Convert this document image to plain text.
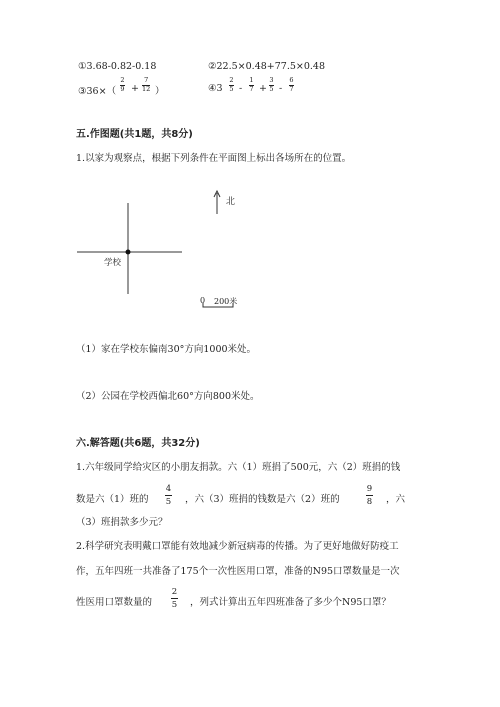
①3.68-0.82-0.18	②22.5×0.48+77.5×0.48
③36×（
2
9 +
7
12 ）	④3
2
5 -
1
7 +
3
5 -
6
7
五.作图题(共1题，共8分)
1.以家为观察点，根据下列条件在平面图上标出各场所在的位置。
北
学校
0 200米
（1）家在学校东偏南30°方向1000米处。
（2）公园在学校西偏北60°方向800米处。
六.解答题(共6题，共32分)
1.六年级同学给灾区的小朋友捐款。六（1）班捐了500元，六（2）班捐的钱
数是六（1）班的
4
5 ，六（3）班捐的钱数是六（2）班的
9
8 ，六
（3）班捐款多少元？
2.科学研究表明戴口罩能有效地减少新冠病毒的传播。为了更好地做好防疫工
作，五年四班一共准备了175个一次性医用口罩，准备的N95口罩数量是一次
性医用口罩数量的
2
5 ，列式计算出五年四班准备了多少个N95口罩？
